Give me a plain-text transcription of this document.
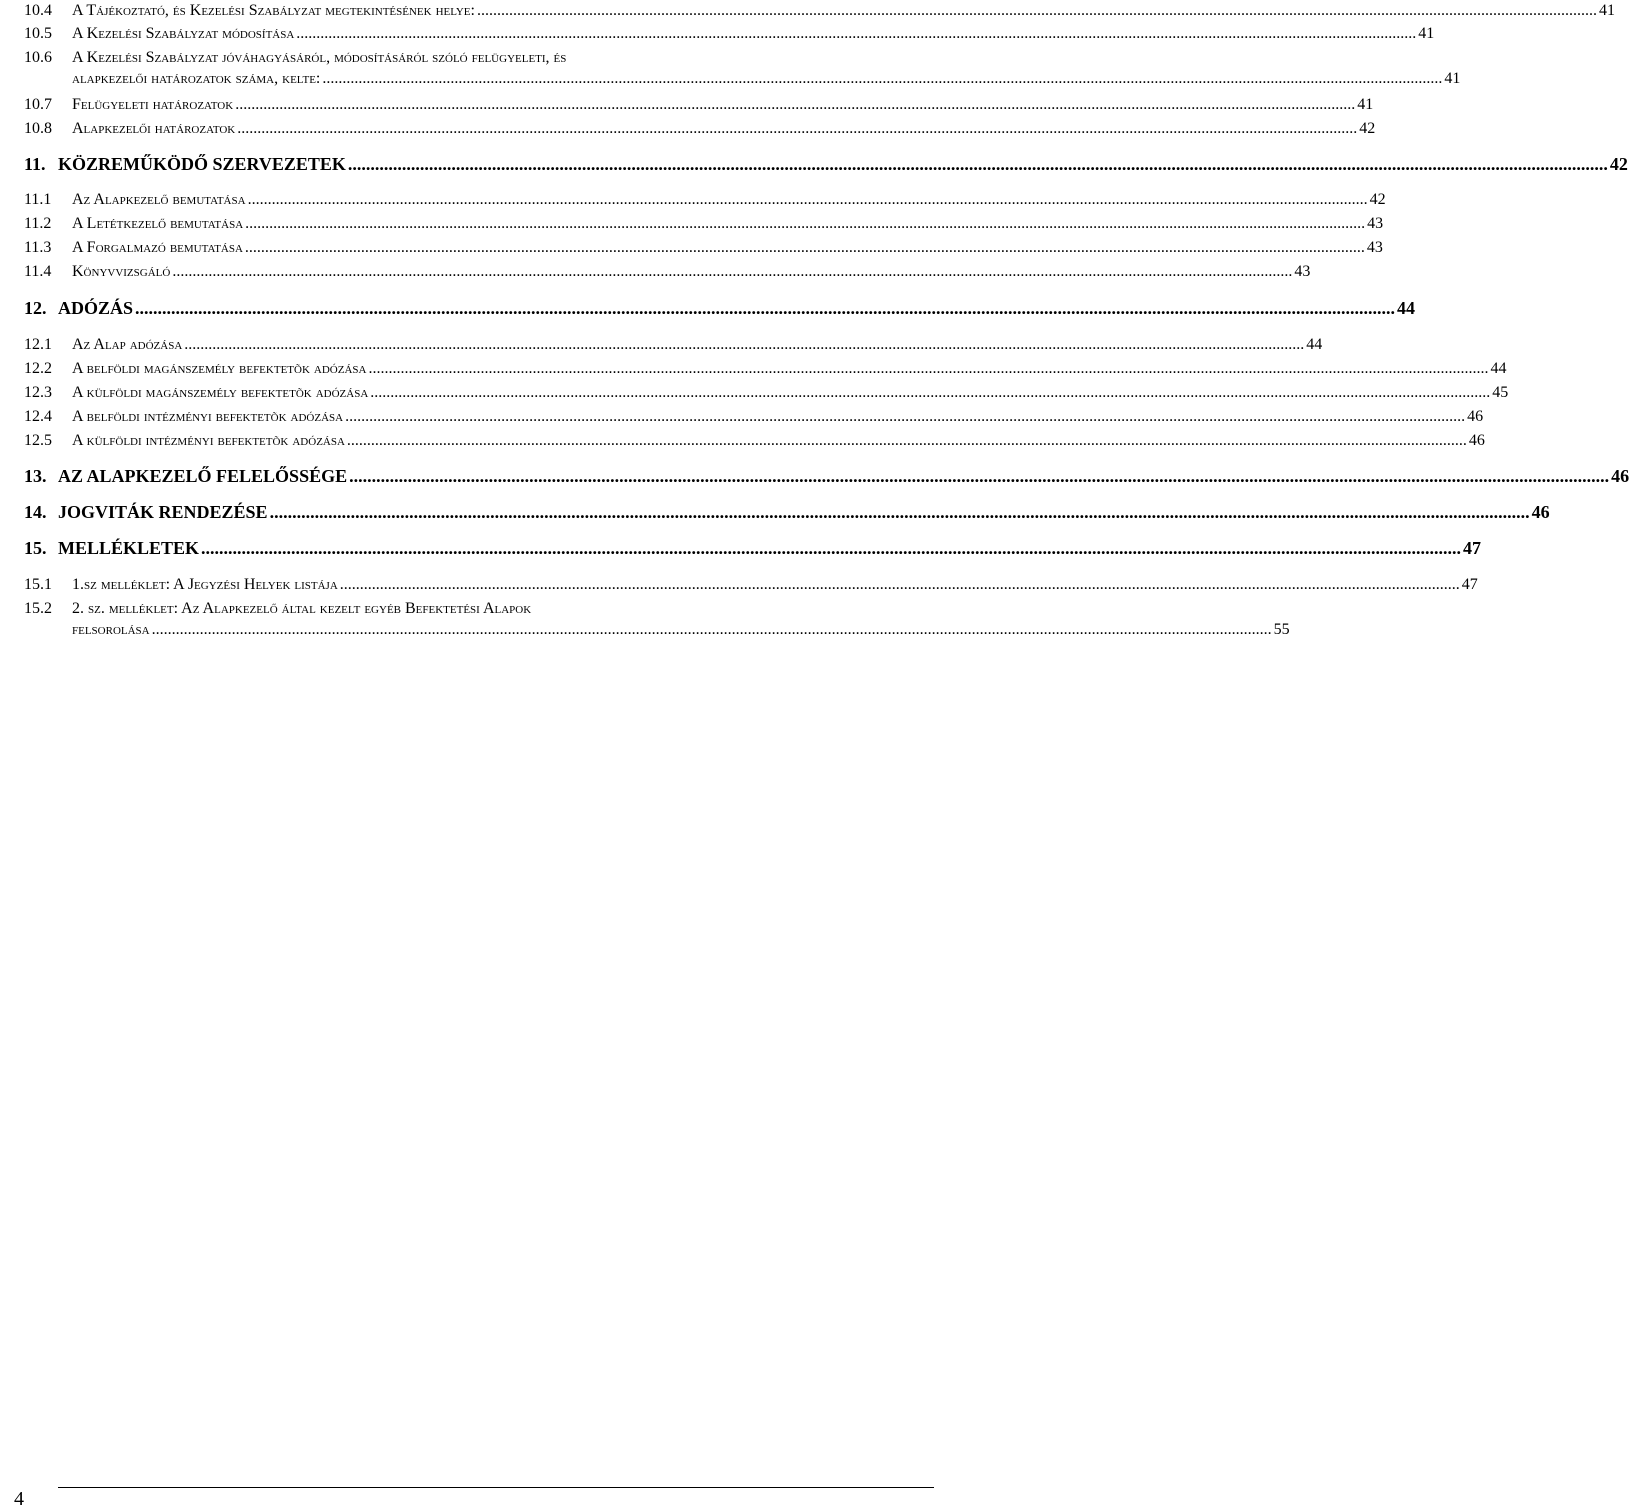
10.4	A Tájékoztató, és Kezelési Szabályzat megtekintésének helye: .....	41
10.5	A Kezelési Szabályzat módosítása .....	41
10.6	A Kezelési Szabályzat jóváhagyásáról, módosításáról szóló felügyeleti, és
alapkezelői határozatok száma, kelte: .....	41
10.7	Felügyeleti határozatok .....	41
10.8	Alapkezelői határozatok .....	42
11. KÖZREMŰKÖDŐ SZERVEZETEK .....	42
11.1	Az Alapkezelő bemutatása .....	42
11.2	A Letétkezelő bemutatása .....	43
11.3	A Forgalmazó bemutatása .....	43
11.4	Könyvvizsgáló .....	43
12. ADÓZÁS .....	44
12.1	Az Alap adózása .....	44
12.2	A belföldi magánszemély befektetõk adózása .....	44
12.3	A külföldi magánszemély befektetõk adózása .....	45
12.4	A belföldi intézményi befektetõk adózása .....	46
12.5	A külföldi intézményi befektetõk adózása .....	46
13. AZ ALAPKEZELŐ FELELŐSSÉGE .....	46
14. JOGVITÁK RENDEZÉSE .....	46
15. MELLÉKLETEK .....	47
15.1	1.sz melléklet: A Jegyzési Helyek listája .....	47
15.2	2. sz. melléklet: Az Alapkezelő által kezelt egyéb Befektetési Alapok
felsorolása .....	55
4
